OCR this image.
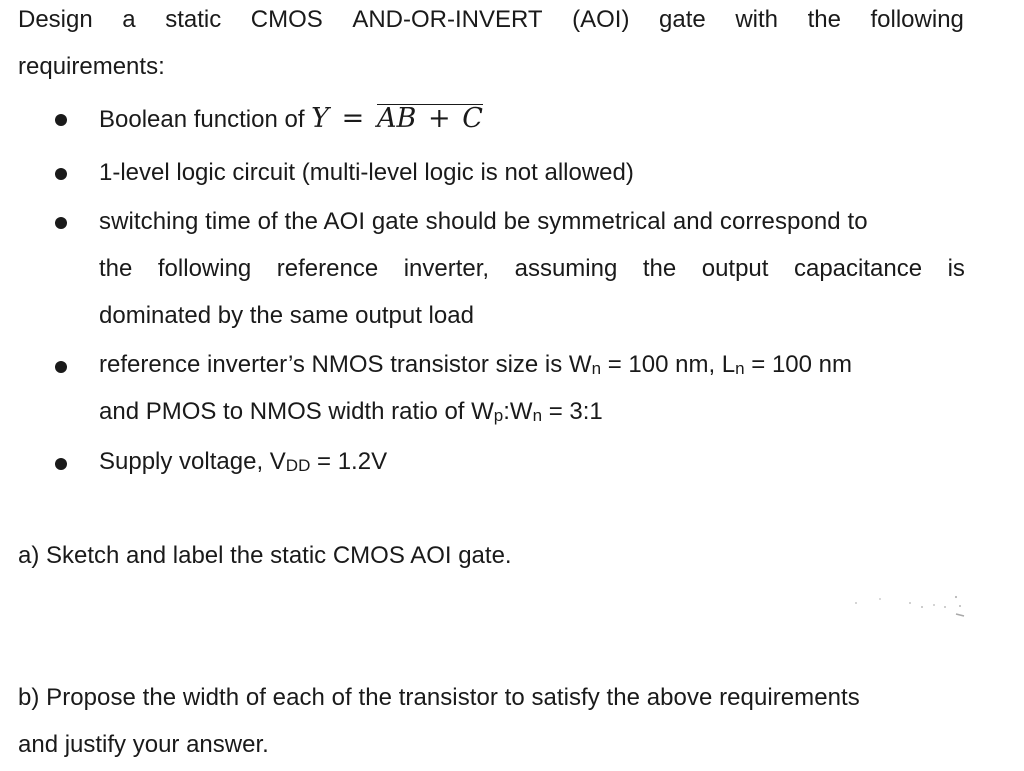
Design a static CMOS AND-OR-INVERT (AOI) gate with the following
requirements:
Boolean function of Y = AB + C
1-level logic circuit (multi-level logic is not allowed)
switching time of the AOI gate should be symmetrical and correspond to
the following reference inverter, assuming the output capacitance is
dominated by the same output load
reference inverter’s NMOS transistor size is Wn = 100 nm, Ln = 100 nm
and PMOS to NMOS width ratio of Wp:Wn = 3:1
Supply voltage, VDD = 1.2V
a) Sketch and label the static CMOS AOI gate.
b) Propose the width of each of the transistor to satisfy the above requirements
and justify your answer.
